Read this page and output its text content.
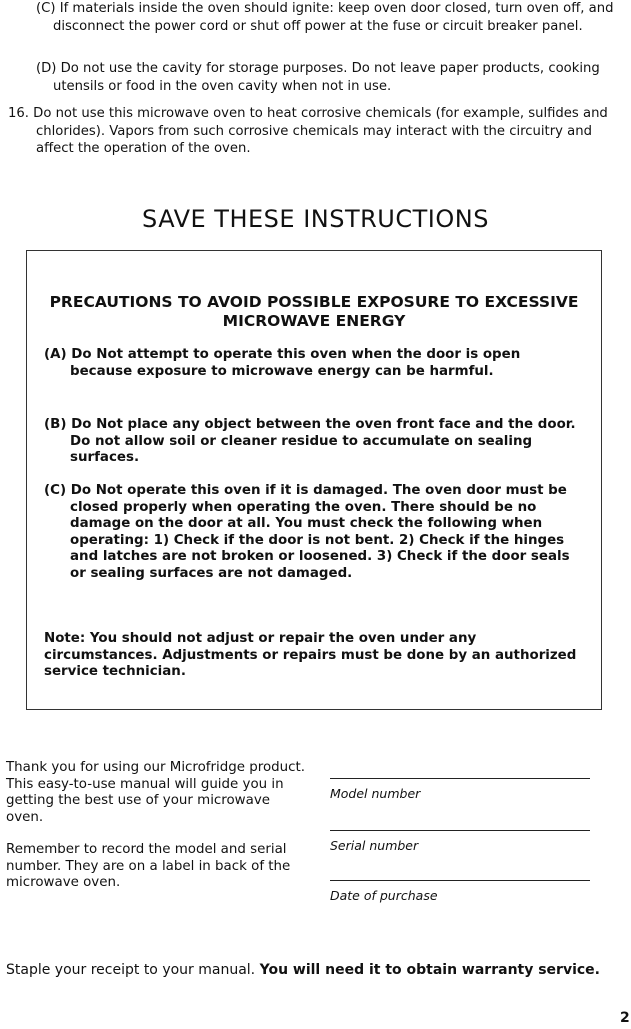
(C) If materials inside the oven should ignite: keep oven door closed, turn oven off, and disconnect the power cord or shut off power at the fuse or circuit breaker panel.
(D) Do not use the cavity for storage purposes. Do not leave paper products, cooking utensils or food in the oven cavity when not in use.
16. Do not use this microwave oven to heat corrosive chemicals (for example, sulfides and chlorides). Vapors from such corrosive chemicals may interact with the circuitry and affect the operation of the oven.
SAVE THESE INSTRUCTIONS
PRECAUTIONS TO AVOID POSSIBLE EXPOSURE TO EXCESSIVE MICROWAVE ENERGY
(A) Do Not attempt to operate this oven when the door is open because exposure to microwave energy can be harmful.
(B) Do Not place any object between the oven front face and the door. Do not allow soil or cleaner residue to accumulate on sealing surfaces.
(C) Do Not operate this oven if it is damaged. The oven door must be closed properly when operating the oven. There should be no damage on the door at all. You must check the following when operating: 1) Check if the door is not bent. 2) Check if the hinges and latches are not broken or loosened. 3) Check if the door seals or sealing surfaces are not damaged.
Note: You should not adjust or repair the oven under any circumstances. Adjustments or repairs must be done by an authorized service technician.
Thank you for using our Microfridge product. This easy-to-use manual will guide you in getting the best use of your microwave oven.
Remember to record the model and serial number. They are on a label in back of the microwave oven.
Model number
Serial number
Date of purchase
Staple your receipt to your manual. You will need it to obtain warranty service.
2
